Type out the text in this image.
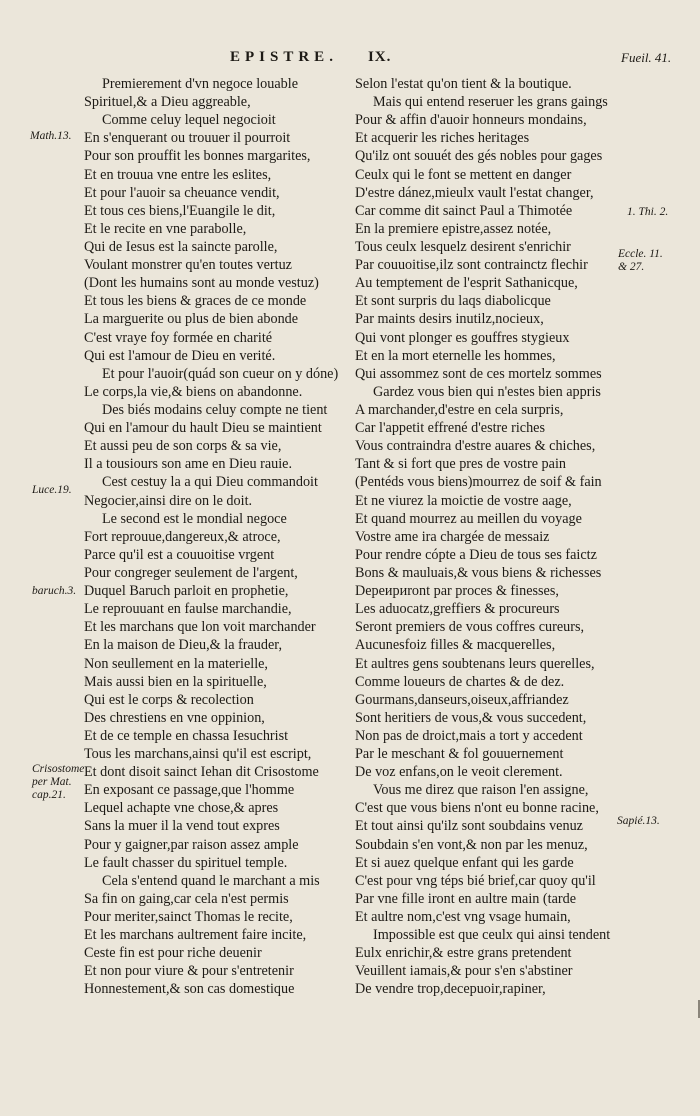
EPISTRE. IX.	Fueil. 41.
Premierement d'vn negoce louable
Spirituel,& a Dieu aggreable,
Comme celuy lequel negocioit
En s'enquerant ou trouuer il pourroit
Pour son prouffit les bonnes margarites,
Et en trouua vne entre les eslites,
Et pour l'auoir sa cheuance vendit,
Et tous ces biens,l'Euangile le dit,
Et le recite en vne parabolle,
Qui de Iesus est la saincte parolle,
Voulant monstrer qu'en toutes vertuz
(Dont les humains sont au monde vestuz)
Et tous les biens & graces de ce monde
La marguerite ou plus de bien abonde
C'est vraye foy formée en charité
Qui est l'amour de Dieu en verité.
Et pour l'auoir(quád son cueur on y dóne)
Le corps,la vie,& biens on abandonne.
Des biés modains celuy compte ne tient
Qui en l'amour du hault Dieu se maintient
Et aussi peu de son corps & sa vie,
Il a tousiours son ame en Dieu rauie.
Cest cestuy la a qui Dieu commandoit
Negocier,ainsi dire on le doit.
Le second est le mondial negoce
Fort reprouue,dangereux,& atroce,
Parce qu'il est a couuoitise vrgent
Pour congreger seulement de l'argent,
Duquel Baruch parloit en prophetie,
Le reprouuant en faulse marchandie,
Et les marchans que lon voit marchander
En la maison de Dieu,& la frauder,
Non seullement en la materielle,
Mais aussi bien en la spirituelle,
Qui est le corps & recolection
Des chrestiens en vne oppinion,
Et de ce temple en chassa Iesuchrist
Tous les marchans,ainsi qu'il est escript,
Et dont disoit sainct Iehan dit Crisostome
En exposant ce passage,que l'homme
Lequel achapte vne chose,& apres
Sans la muer il la vend tout expres
Pour y gaigner,par raison assez ample
Le fault chasser du spirituel temple.
Cela s'entend quand le marchant a mis
Sa fin on gaing,car cela n'est permis
Pour meriter,sainct Thomas le recite,
Et les marchans aultrement faire incite,
Ceste fin est pour riche deuenir
Et non pour viure & pour s'entretenir
Honnestement,& son cas domestique
Selon l'estat qu'on tient & la boutique.
Mais qui entend reseruer les grans gaings
Pour & affin d'auoir honneurs mondains,
Et acquerir les riches heritages
Qu'ilz ont souuét des gés nobles pour gages
Ceulx qui le font se mettent en danger
D'estre dánez,mieulx vault l'estat changer,
Car comme dit sainct Paul a Thimotée
En la premiere epistre,assez notée,
Tous ceulx lesquelz desirent s'enrichir
Par couuoitise,ilz sont contrainctz flechir
Au temptement de l'esprit Sathanicque,
Et sont surpris du laqs diabolicque
Par maints desirs inutilz,nocieux,
Qui vont plonger es gouffres stygieux
Et en la mort eternelle les hommes,
Qui assommez sont de ces mortelz sommes
Gardez vous bien qui n'estes bien appris
A marchander,d'estre en cela surpris,
Car l'appetit effrené d'estre riches
Vous contraindra d'estre auares & chiches,
Tant & si fort que pres de vostre pain
(Pentéds vous biens)mourrez de soif & fain
Et ne viurez la moictie de vostre aage,
Et quand mourrez au meillen du voyage
Vostre ame ira chargée de messaiz
Pour rendre cópte a Dieu de tous ses faictz
Bons & mauluais,& vous biens & richesses
Depeириront par proces & finesses,
Les aduocatz,greffiers & procureurs
Seront premiers de vous coffres cureurs,
Aucunesfoiz filles & macquerelles,
Et aultres gens soubtenans leurs querelles,
Comme loueurs de chartes & de dez.
Gourmans,danseurs,oiseux,affriandez
Sont heritiers de vous,& vous succedent,
Non pas de droict,mais a tort y accedent
Par le meschant & fol gouuernement
De voz enfans,on le veoit clerement.
Vous me direz que raison l'en assigne,
C'est que vous biens n'ont eu bonne racine,
Et tout ainsi qu'ilz sont soubdains venuz
Soubdain s'en vont,& non par les menuz,
Et si auez quelque enfant qui les garde
C'est pour vng téps bié brief,car quoy qu'il
Par vne fille iront en aultre main (tarde
Et aultre nom,c'est vng vsage humain,
Impossible est que ceulx qui ainsi tendent
Eulx enrichir,& estre grans pretendent
Veuillent iamais,& pour s'en s'abstiner
De vendre trop,decepuoir,rapiner,
Math.13.
Luce.19.
baruch.3.
Crisostome
per Mat.
cap.21.
1. Thi. 2.
Eccle. 11.
& 27.
Sapié.13.
